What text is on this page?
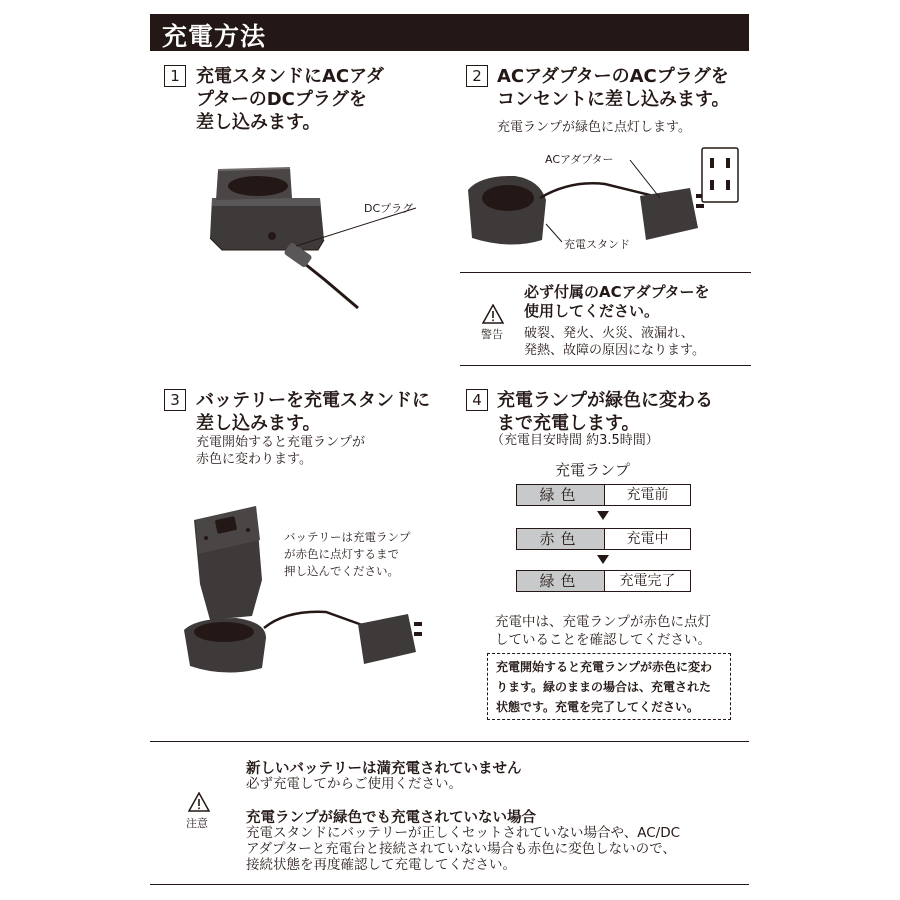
充電方法
1 充電スタンドにACアダ
プターのDCプラグを
差し込みます。
DCプラグ
2 ACアダプターのACプラグを
コンセントに差し込みます。
充電ランプが緑色に点灯します。
ACアダプター
充電スタンド
警告
必ず付属のACアダプターを
使用してください。
破裂、発火、火災、液漏れ、
発熱、故障の原因になります。
3 バッテリーを充電スタンドに
差し込みます。
充電開始すると充電ランプが
赤色に変わります。
バッテリーは充電ランプ
が赤色に点灯するまで
押し込んでください。
4 充電ランプが緑色に変わる
まで充電します。
（充電目安時間 約3.5時間）
充電ランプ
緑色	充電前
赤色	充電中
緑色	充電完了
充電中は、充電ランプが赤色に点灯
していることを確認してください。
充電開始すると充電ランプが赤色に変わ
ります。緑のままの場合は、充電された
状態です。充電を完了してください。
注意
新しいバッテリーは満充電されていません
必ず充電してからご使用ください。
充電ランプが緑色でも充電されていない場合
充電スタンドにバッテリーが正しくセットされていない場合や、AC/DC
アダプターと充電台と接続されていない場合も赤色に変色しないので、
接続状態を再度確認して充電してください。
